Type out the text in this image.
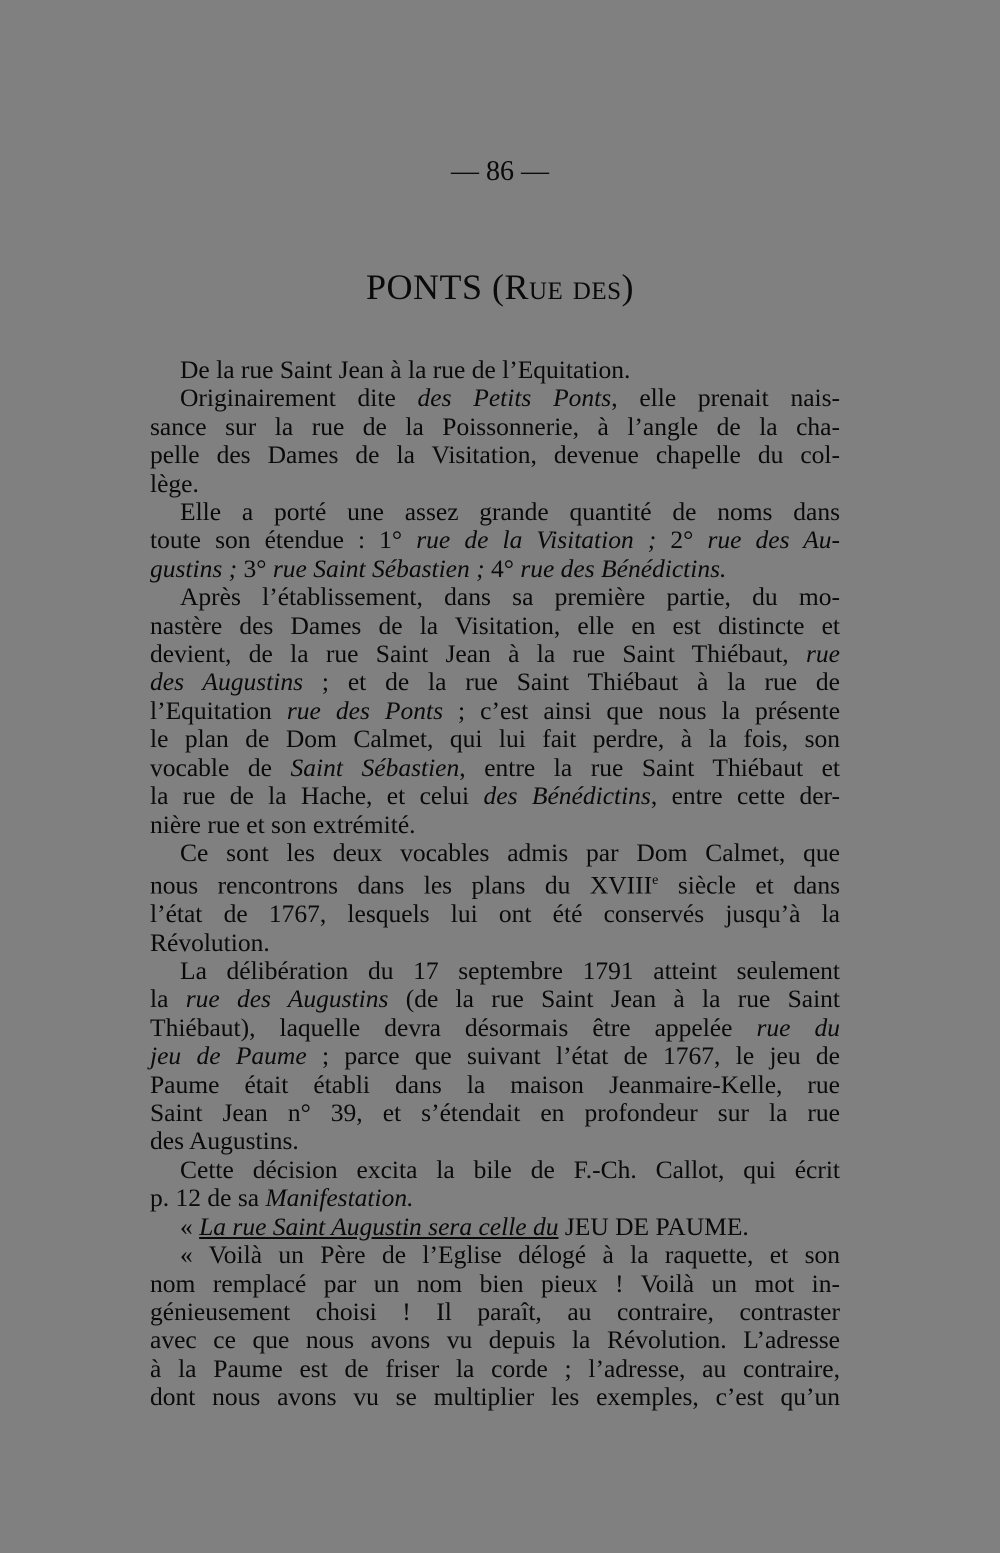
— 86 —
PONTS (Rue des)
De la rue Saint Jean à la rue de l’Equitation.
Originairement dite des Petits Ponts, elle prenait nais-
sance sur la rue de la Poissonnerie, à l’angle de la cha-
pelle des Dames de la Visitation, devenue chapelle du col-
lège.
Elle a porté une assez grande quantité de noms dans
toute son étendue : 1° rue de la Visitation ; 2° rue des Au-
gustins ; 3° rue Saint Sébastien ; 4° rue des Bénédictins.
Après l’établissement, dans sa première partie, du mo-
nastère des Dames de la Visitation, elle en est distincte et
devient, de la rue Saint Jean à la rue Saint Thiébaut, rue
des Augustins ; et de la rue Saint Thiébaut à la rue de
l’Equitation rue des Ponts ; c’est ainsi que nous la présente
le plan de Dom Calmet, qui lui fait perdre, à la fois, son
vocable de Saint Sébastien, entre la rue Saint Thiébaut et
la rue de la Hache, et celui des Bénédictins, entre cette der-
nière rue et son extrémité.
Ce sont les deux vocables admis par Dom Calmet, que
nous rencontrons dans les plans du XVIIIe siècle et dans
l’état de 1767, lesquels lui ont été conservés jusqu’à la
Révolution.
La délibération du 17 septembre 1791 atteint seulement
la rue des Augustins (de la rue Saint Jean à la rue Saint
Thiébaut), laquelle devra désormais être appelée rue du
jeu de Paume ; parce que suivant l’état de 1767, le jeu de
Paume était établi dans la maison Jeanmaire-Kelle, rue
Saint Jean n° 39, et s’étendait en profondeur sur la rue
des Augustins.
Cette décision excita la bile de F.-Ch. Callot, qui écrit
p. 12 de sa Manifestation.
« La rue Saint Augustin sera celle du JEU DE PAUME.
« Voilà un Père de l’Eglise délogé à la raquette, et son
nom remplacé par un nom bien pieux ! Voilà un mot in-
génieusement choisi ! Il paraît, au contraire, contraster
avec ce que nous avons vu depuis la Révolution. L’adresse
à la Paume est de friser la corde ; l’adresse, au contraire,
dont nous avons vu se multiplier les exemples, c’est qu’un
